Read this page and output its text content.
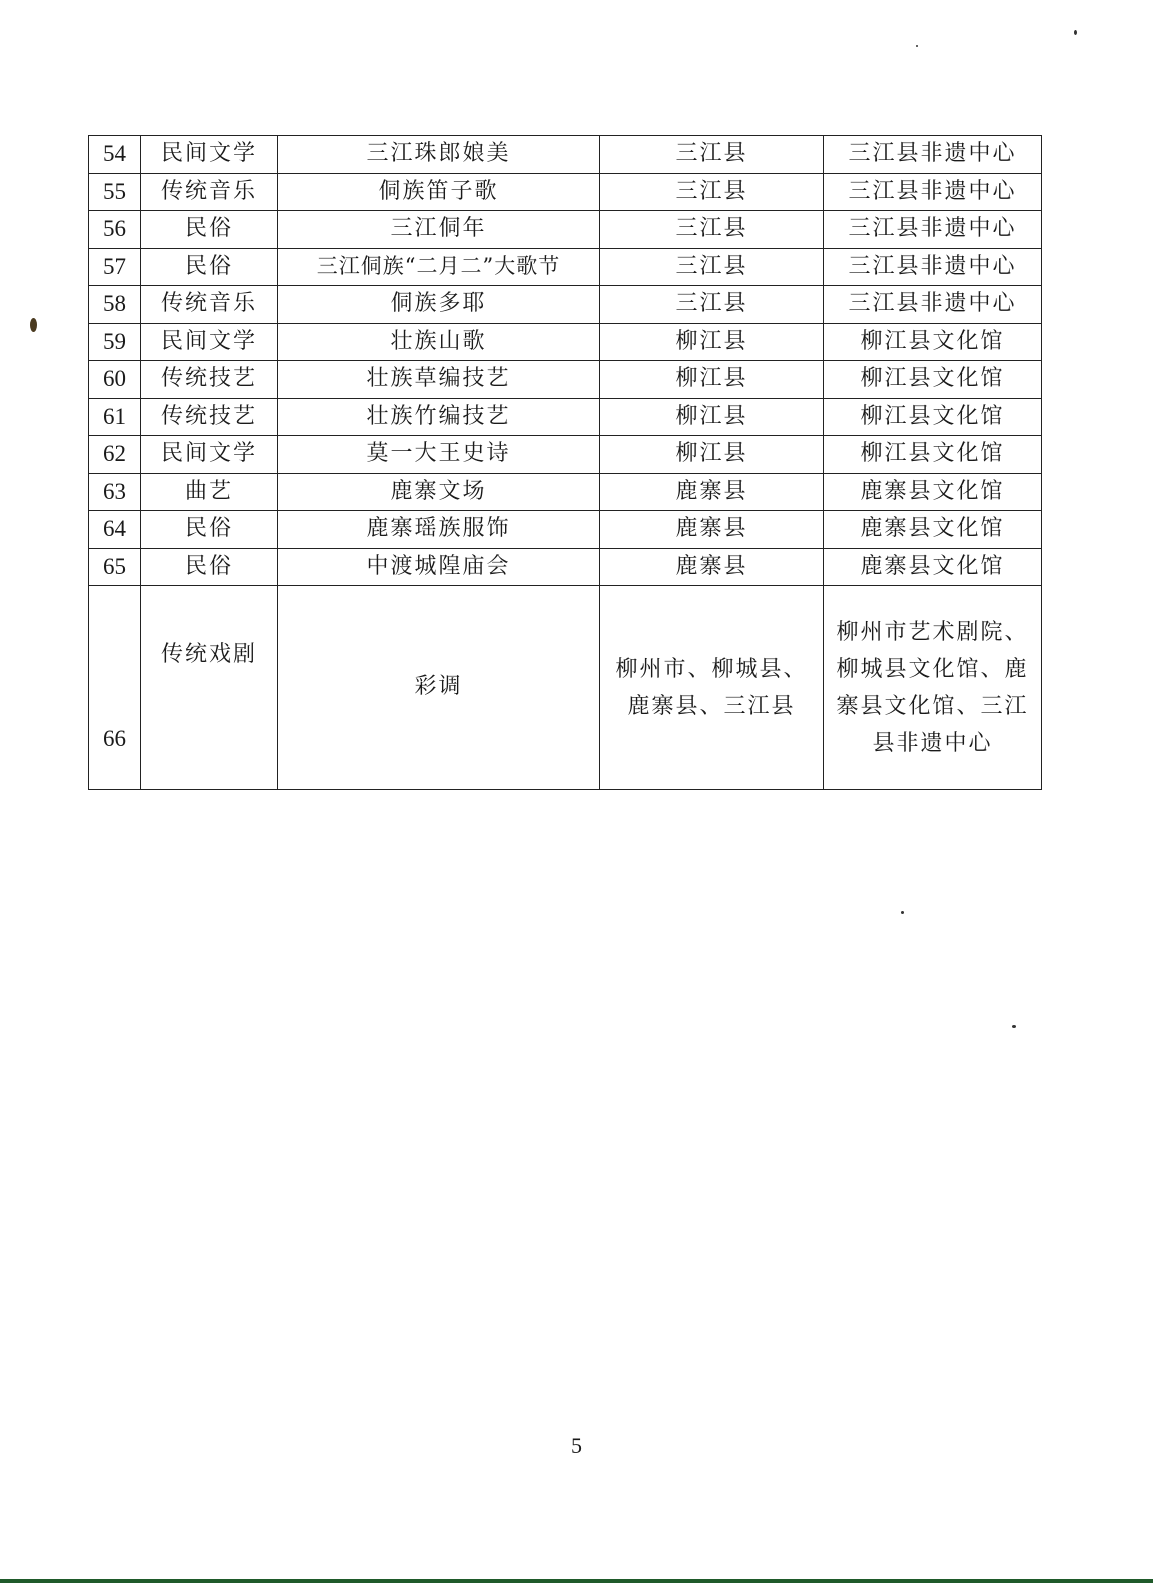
54	民间文学	三江珠郎娘美	三江县	三江县非遗中心
55	传统音乐	侗族笛子歌	三江县	三江县非遗中心
56	民俗	三江侗年	三江县	三江县非遗中心
57	民俗	三江侗族“二月二”大歌节	三江县	三江县非遗中心
58	传统音乐	侗族多耶	三江县	三江县非遗中心
59	民间文学	壮族山歌	柳江县	柳江县文化馆
60	传统技艺	壮族草编技艺	柳江县	柳江县文化馆
61	传统技艺	壮族竹编技艺	柳江县	柳江县文化馆
62	民间文学	莫一大王史诗	柳江县	柳江县文化馆
63	曲艺	鹿寨文场	鹿寨县	鹿寨县文化馆
64	民俗	鹿寨瑶族服饰	鹿寨县	鹿寨县文化馆
65	民俗	中渡城隍庙会	鹿寨县	鹿寨县文化馆
66	传统戏剧	彩调	柳州市、柳城县、鹿寨县、三江县	柳州市艺术剧院、柳城县文化馆、鹿寨县文化馆、三江县非遗中心
5
